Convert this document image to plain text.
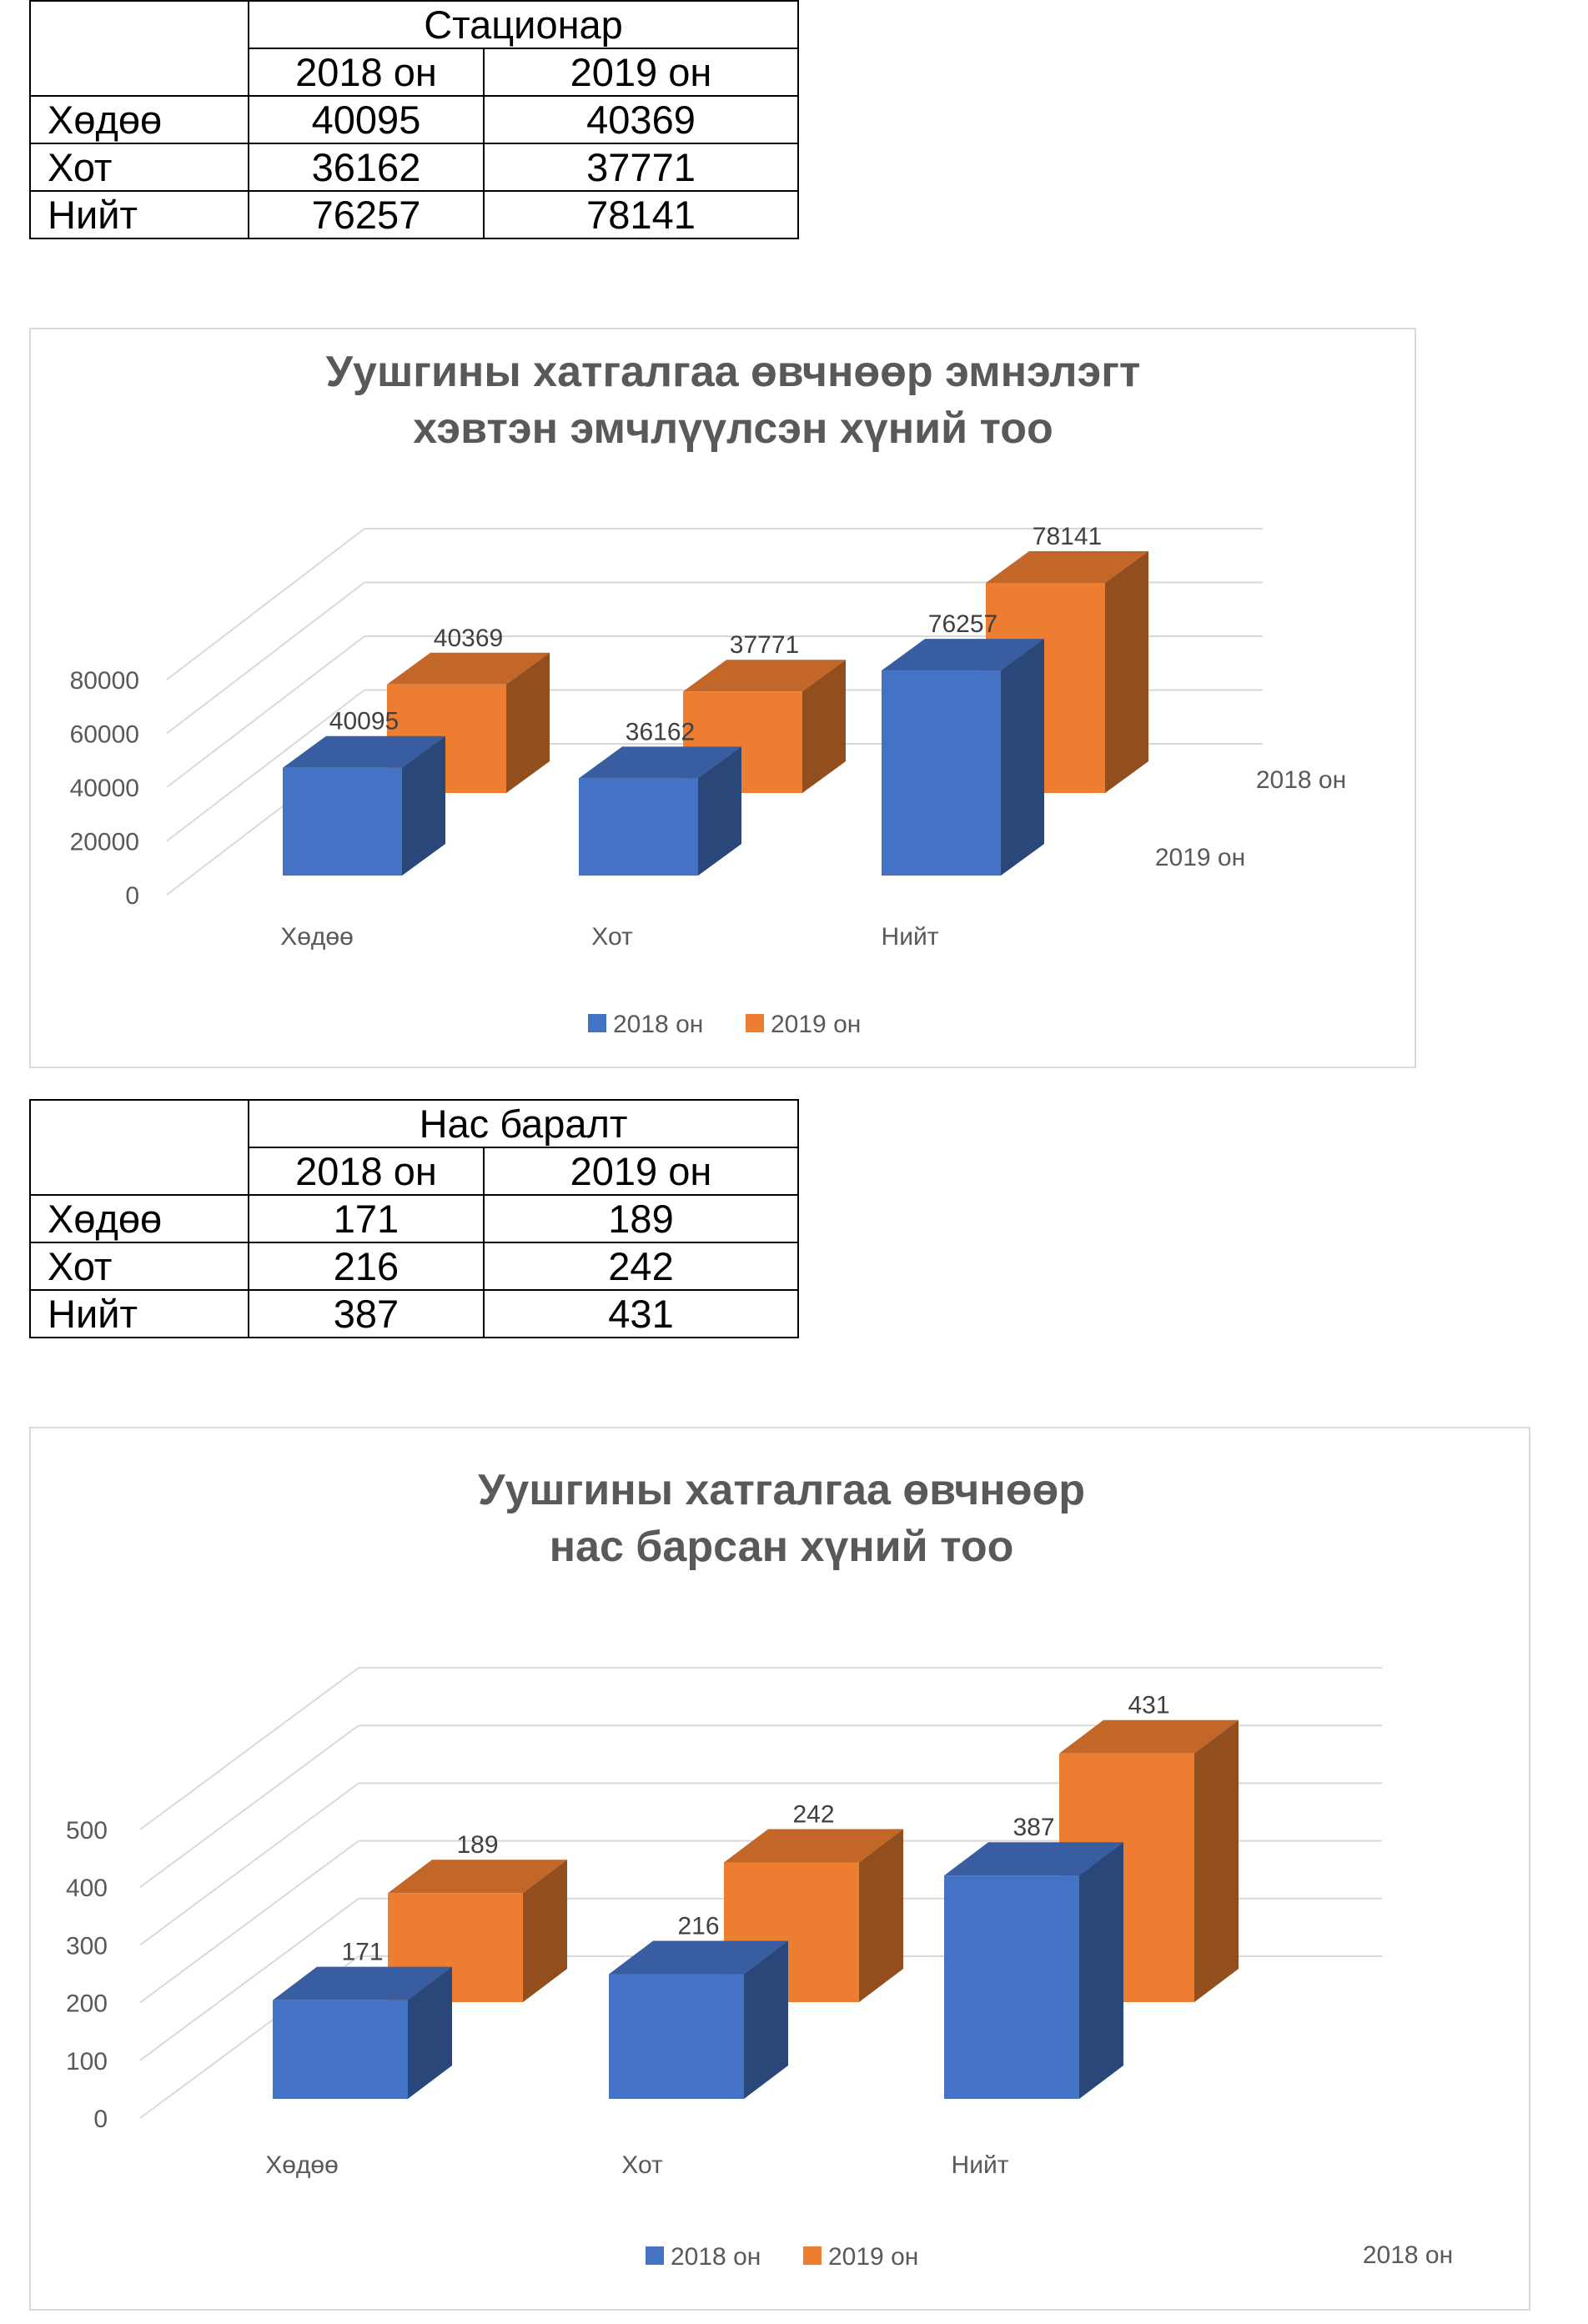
	Стационар	
	2018 он	2019 он
Хөдөө	40095	40369
Хот	36162	37771
Нийт	76257	78141
Уушгины хатгалгаа өвчнөөр эмнэлэгт
хэвтэн эмчлүүлсэн хүний тоо
0
20000
40000
60000
80000
40369	37771
78141
40095	36162
76257
Хөдөө	Хот	Нийт
2018 он
2019 он
2018 он	2019 он
	Нас баралт	
	2018 он	2019 он
Хөдөө	171	189
Хот	216	242
Нийт	387	431
Уушгины хатгалгаа өвчнөөр
нас барсан хүний тоо
0
100
200
300
400
500
189
242
431
171
216
387
Хөдөө	Хот	Нийт
2018 он
2018 он	2019 он
